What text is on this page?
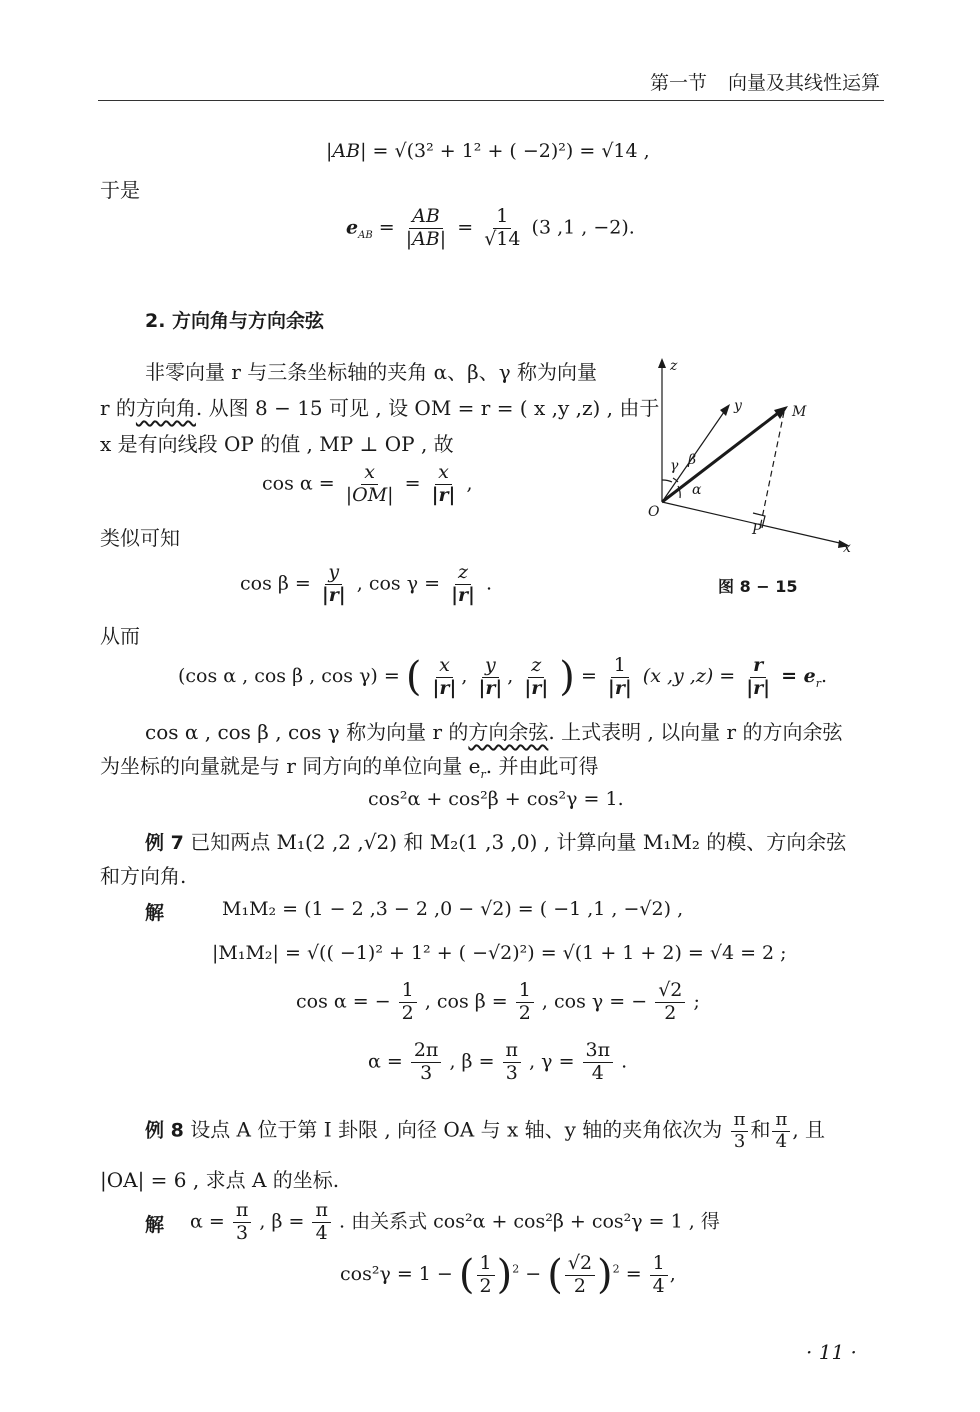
第一节 向量及其线性运算
|AB| = √(3² + 1² + ( −2)²) = √14 ,
于是
$e_{AB} = \frac{AB}{|AB|} = \frac{1}{√14} (3$ ,1 , −2).
2. 方向角与方向余弦
非零向量 r 与三条坐标轴的夹角 α、β、γ 称为向量
r 的方向角. 从图 8 − 15 可见 , 设 OM = r = ( x ,y ,z) , 由于
x 是有向线段 OP 的值 , MP ⊥ OP , 故
$\cos \alpha = \frac{x}{|OM|} = \frac{x}{|r|}$ ,
类似可知
$\cos \beta = \frac{y}{|r|}$ , $\cos \gamma = \frac{z}{|r|}$ .
z
y	M
O
P
x
γ β
α
图 8 − 15
从而
(cos α , cos β , cos γ) = ( $\frac{x}{|r|}$ , $\frac{y}{|r|}$ , $\frac{z}{|r|}$ ) = $\frac{1}{|r|} (x$ ,y $,z) = \frac{r}{|r|} = e_r$.
cos α , cos β , cos γ 称为向量 r 的方向余弦. 上式表明 , 以向量 r 的方向余弦
为坐标的向量就是与 r 同方向的单位向量 $e_r$. 并由此可得
cos²α + cos²β + cos²γ = 1.
例 7 已知两点 M₁(2 ,2 ,√2) 和 M₂(1 ,3 ,0) , 计算向量 M₁M₂ 的模、方向余弦
和方向角.
解	M₁M₂ = (1 − 2 ,3 − 2 ,0 − √2) = ( −1 ,1 , −√2) ,
|M₁M₂| = √(( −1)² + 1² + ( −√2)²) = √(1 + 1 + 2) = √4 = 2 ;
cos α = − $\frac{1}{2}$ , $\cos \beta = \frac{1}{2}$ , cos γ = − $\frac{√2}{2}$ ;
$\alpha = \frac{2\pi}{3}$ , $\beta = \frac{\pi}{3}$ , $\gamma = \frac{3\pi}{4}$ .
例 8 设点 A 位于第 I 卦限 , 向径 OA 与 x 轴、y 轴的夹角依次为 $\frac{\pi}{3}$ 和 $\frac{\pi}{4}$ , 且
|OA| = 6 , 求点 A 的坐标.
解 $\alpha = \frac{\pi}{3}$ , $\beta = \frac{\pi}{4}$ . 由关系式 cos²α + cos²β + cos²γ = 1 , 得
cos²γ = 1 − ( $\frac{1}{2} )^2$ − ( $\frac{√2}{2} )^2 = \frac{1}{4}$ ,
· 11 ·
